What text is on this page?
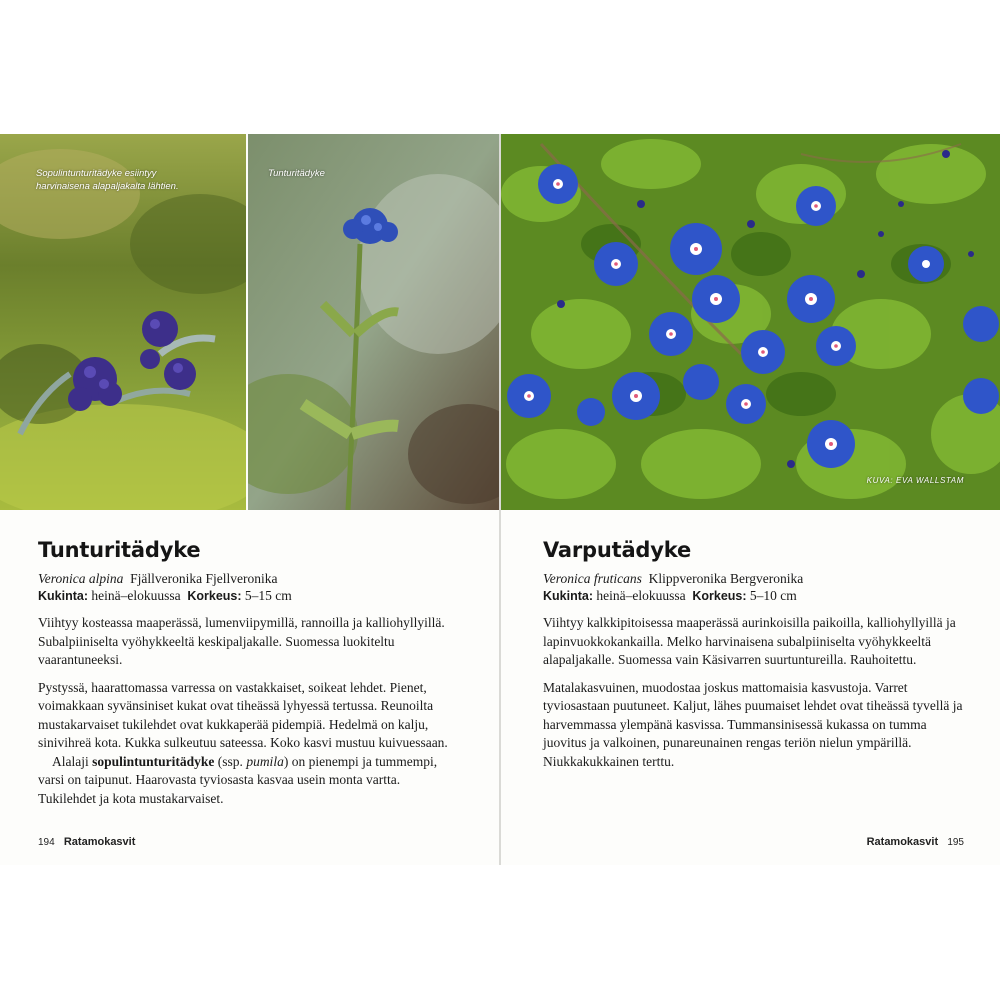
Sopulintunturitädyke esiintyy harvinaisena alapaljakalta lähtien.
Tunturitädyke
KUVA: EVA WALLSTAM
Tunturitädyke
Veronica alpina Fjällveronika Fjellveronika
Kukinta: heinä–elokuussa Korkeus: 5–15 cm

Viihtyy kosteassa maaperässä, lumenviipymillä, rannoilla ja kalliohyllyillä. Subalpiiniselta vyöhykkeeltä keskipaljakalle. Suomessa luokiteltu vaarantuneeksi.

Pystyssä, haarattomassa varressa on vastakkaiset, soikeat lehdet. Pienet, voimakkaan syvänsiniset kukat ovat tiheässä lyhyessä tertussa. Reunoilta mustakarvaiset tukilehdet ovat kukkaperää pidempiä. Hedelmä on kalju, sinivihreä kota. Kukka sulkeutuu sateessa. Koko kasvi mustuu kuivuessaan.
Alalaji sopulintunturitädyke (ssp. pumila) on pienempi ja tummempi, varsi on taipunut. Haarovasta tyviosasta kasvaa usein monta vartta. Tukilehdet ja kota mustakarvaiset.

194 Ratamokasvit
Varputädyke
Veronica fruticans Klippveronika Bergveronika
Kukinta: heinä–elokuussa Korkeus: 5–10 cm

Viihtyy kalkkipitoisessa maaperässä aurinkoisilla paikoilla, kalliohyllyillä ja lapinvuokkokankailla. Melko harvinaisena subalpiiniselta vyöhykkeeltä alapaljakalle. Suomessa vain Käsivarren suurtuntureilla. Rauhoitettu.

Matalakasvuinen, muodostaa joskus mattomaisia kasvustoja. Varret tyviosastaan puutuneet. Kaljut, lähes puumaiset lehdet ovat tiheässä tyvellä ja harvemmassa ylempänä kasvissa. Tummansinisessä kukassa on tumma juovitus ja valkoinen, punareunainen rengas teriön nielun ympärillä. Niukkakukkainen terttu.

Ratamokasvit 195
